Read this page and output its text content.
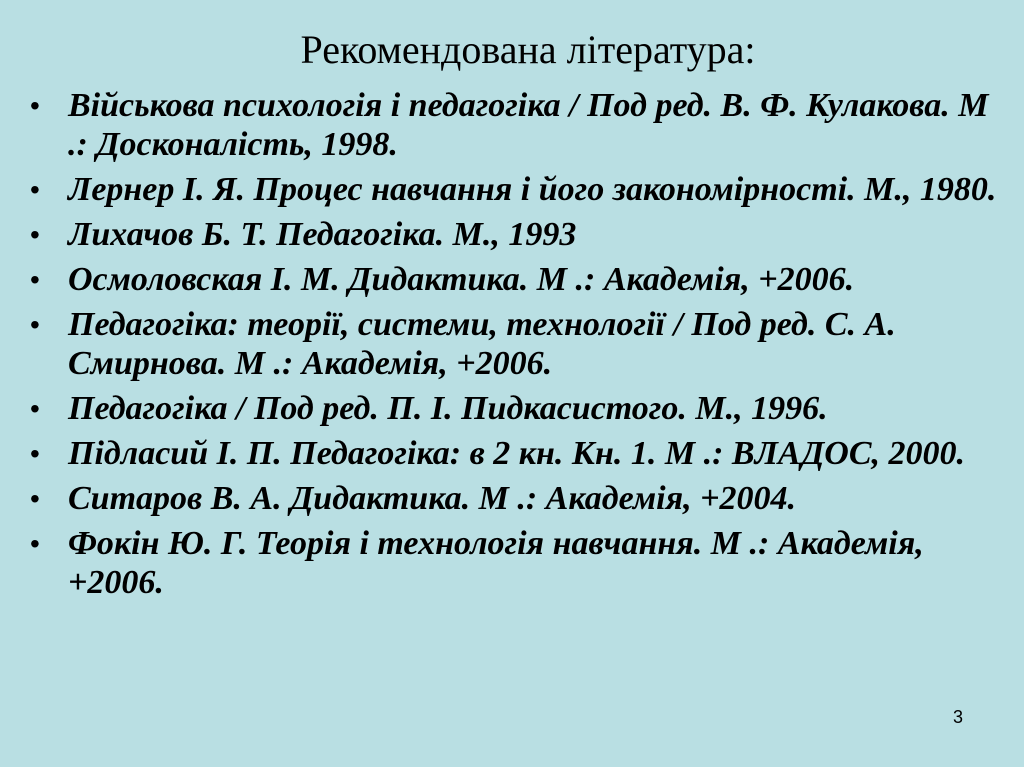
Рекомендована література:
• Військова психологія і педагогіка / Под ред. В. Ф. Кулакова. М .: Досконалість, 1998.
• Лернер І. Я. Процес навчання і його закономірності. М., 1980.
• Лихачов Б. Т. Педагогіка. М., 1993
• Осмоловская І. М. Дидактика. М .: Академія, +2006.
• Педагогіка: теорії, системи, технології / Под ред. С. А. Смирнова. М .: Академія, +2006.
• Педагогіка / Под ред. П. І. Пидкасистого. М., 1996.
• Підласий І. П. Педагогіка: в 2 кн. Кн. 1. М .: ВЛАДОС, 2000.
• Ситаров В. А. Дидактика. М .: Академія, +2004.
• Фокін Ю. Г. Теорія і технологія навчання. М .: Академія, +2006.
3
